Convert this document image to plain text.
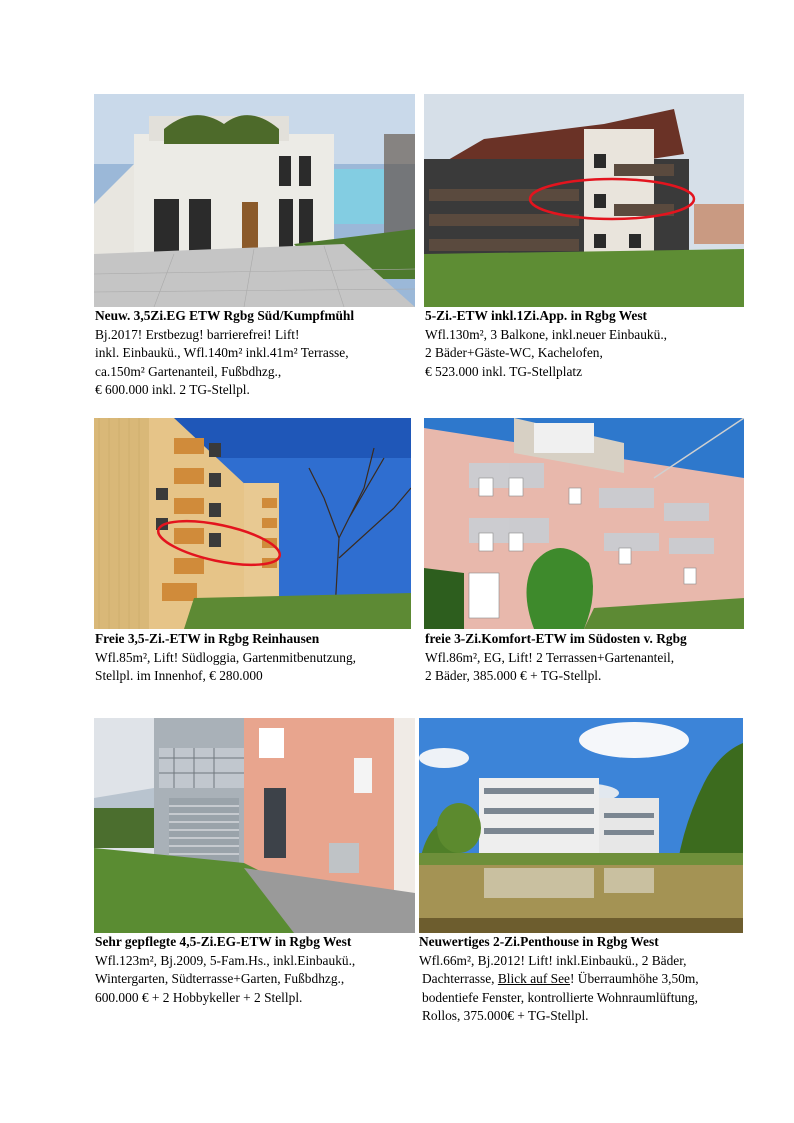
Neuw. 3,5Zi.EG ETW Rgbg Süd/Kumpfmühl
Bj.2017! Erstbezug! barrierefrei! Lift!
inkl. Einbaukü., Wfl.140m² inkl.41m² Terrasse,
ca.150m² Gartenanteil, Fußbdhzg.,
€ 600.000 inkl. 2 TG-Stellpl.
5-Zi.-ETW inkl.1Zi.App. in Rgbg West
Wfl.130m², 3 Balkone, inkl.neuer Einbaukü.,
2 Bäder+Gäste-WC, Kachelofen,
€ 523.000 inkl. TG-Stellplatz
Freie 3,5-Zi.-ETW in Rgbg Reinhausen
Wfl.85m², Lift! Südloggia, Gartenmitbenutzung,
Stellpl. im Innenhof, € 280.000
freie 3-Zi.Komfort-ETW im Südosten v. Rgbg
Wfl.86m², EG, Lift! 2 Terrassen+Gartenanteil,
2 Bäder, 385.000 € + TG-Stellpl.
Sehr gepflegte 4,5-Zi.EG-ETW in Rgbg West
Wfl.123m², Bj.2009, 5-Fam.Hs., inkl.Einbaukü.,
Wintergarten, Südterrasse+Garten, Fußbdhzg.,
600.000 € + 2 Hobbykeller + 2 Stellpl.
Neuwertiges 2-Zi.Penthouse in Rgbg West
Wfl.66m², Bj.2012! Lift! inkl.Einbaukü., 2 Bäder,
Dachterrasse, Blick auf See! Überraumhöhe 3,50m,
bodentiefe Fenster, kontrollierte Wohnraumlüftung,
Rollos, 375.000€ + TG-Stellpl.
